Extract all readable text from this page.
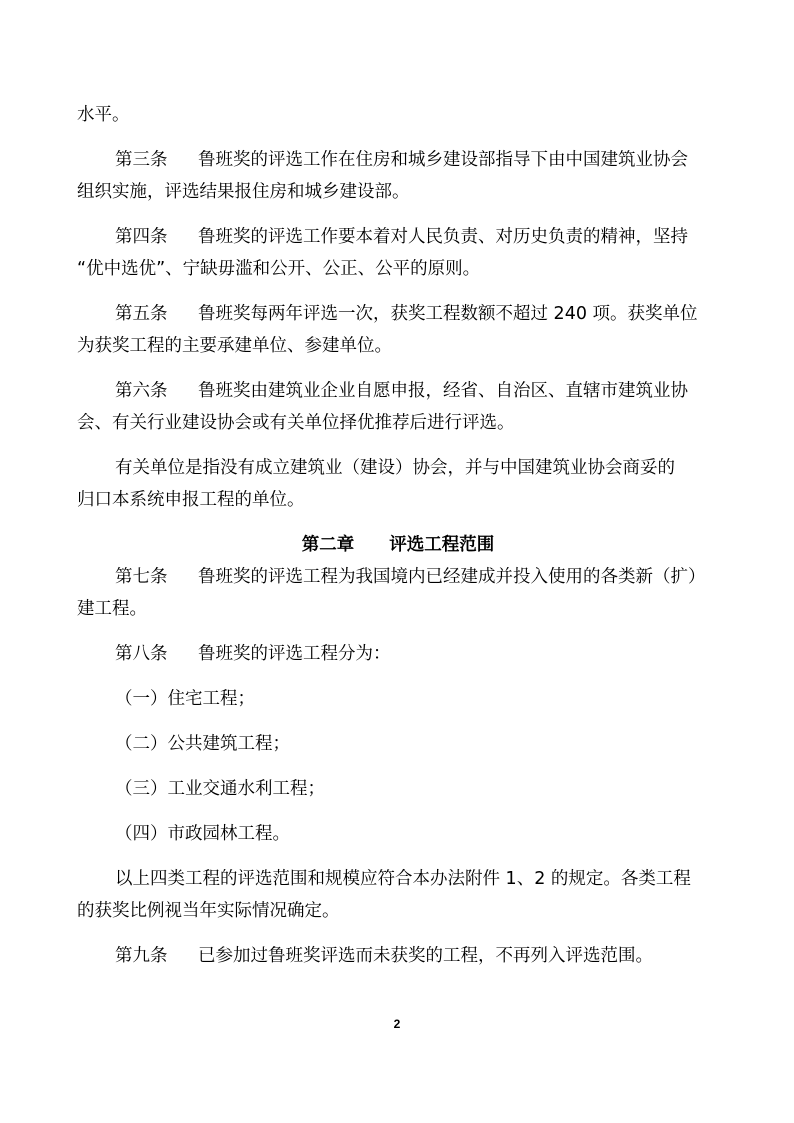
水平。
第三条 鲁班奖的评选工作在住房和城乡建设部指导下由中国建筑业协会
组织实施，评选结果报住房和城乡建设部。
第四条 鲁班奖的评选工作要本着对人民负责、对历史负责的精神，坚持
“优中选优”、宁缺毋滥和公开、公正、公平的原则。
第五条 鲁班奖每两年评选一次，获奖工程数额不超过 240 项。获奖单位
为获奖工程的主要承建单位、参建单位。
第六条 鲁班奖由建筑业企业自愿申报，经省、自治区、直辖市建筑业协
会、有关行业建设协会或有关单位择优推荐后进行评选。
有关单位是指没有成立建筑业（建设）协会，并与中国建筑业协会商妥的
归口本系统申报工程的单位。
第二章　　评选工程范围
第七条 鲁班奖的评选工程为我国境内已经建成并投入使用的各类新（扩）
建工程。
第八条 鲁班奖的评选工程分为：
（一）住宅工程；
（二）公共建筑工程；
（三）工业交通水利工程；
（四）市政园林工程。
以上四类工程的评选范围和规模应符合本办法附件 1、2 的规定。各类工程
的获奖比例视当年实际情况确定。
第九条 已参加过鲁班奖评选而未获奖的工程，不再列入评选范围。
2
